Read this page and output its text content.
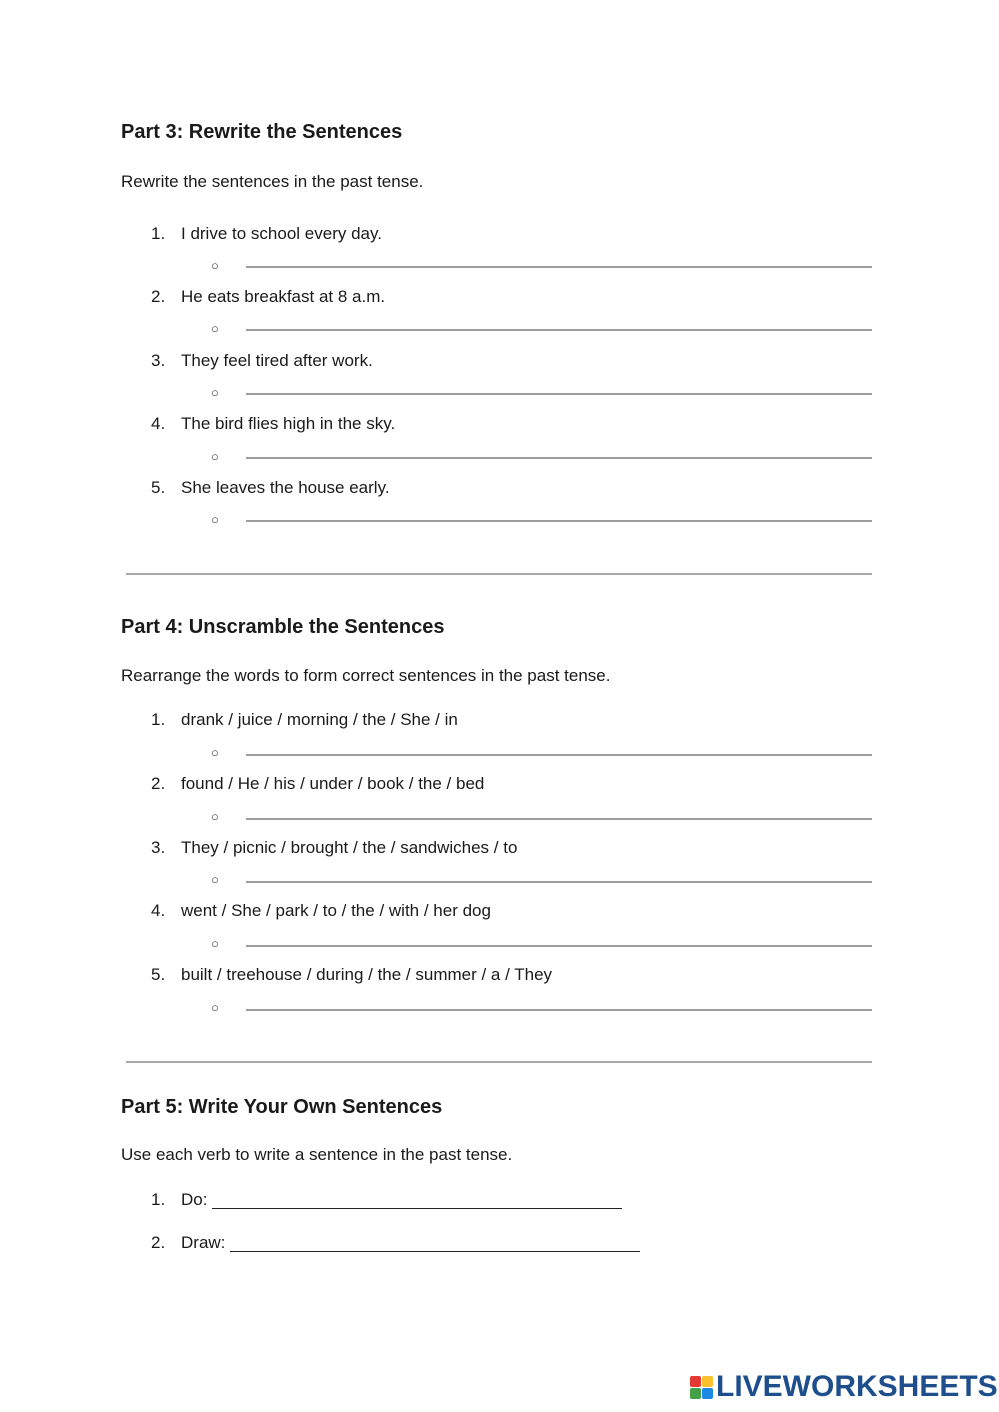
Part 3: Rewrite the Sentences
Rewrite the sentences in the past tense.
1. I drive to school every day.
○
2. He eats breakfast at 8 a.m.
○
3. They feel tired after work.
○
4. The bird flies high in the sky.
○
5. She leaves the house early.
○
Part 4: Unscramble the Sentences
Rearrange the words to form correct sentences in the past tense.
1. drank / juice / morning / the / She / in
○
2. found / He / his / under / book / the / bed
○
3. They / picnic / brought / the / sandwiches / to
○
4. went / She / park / to / the / with / her dog
○
5. built / treehouse / during / the / summer / a / They
○
Part 5: Write Your Own Sentences
Use each verb to write a sentence in the past tense.
1. Do:
2. Draw:
LIVEWORKSHEETS
